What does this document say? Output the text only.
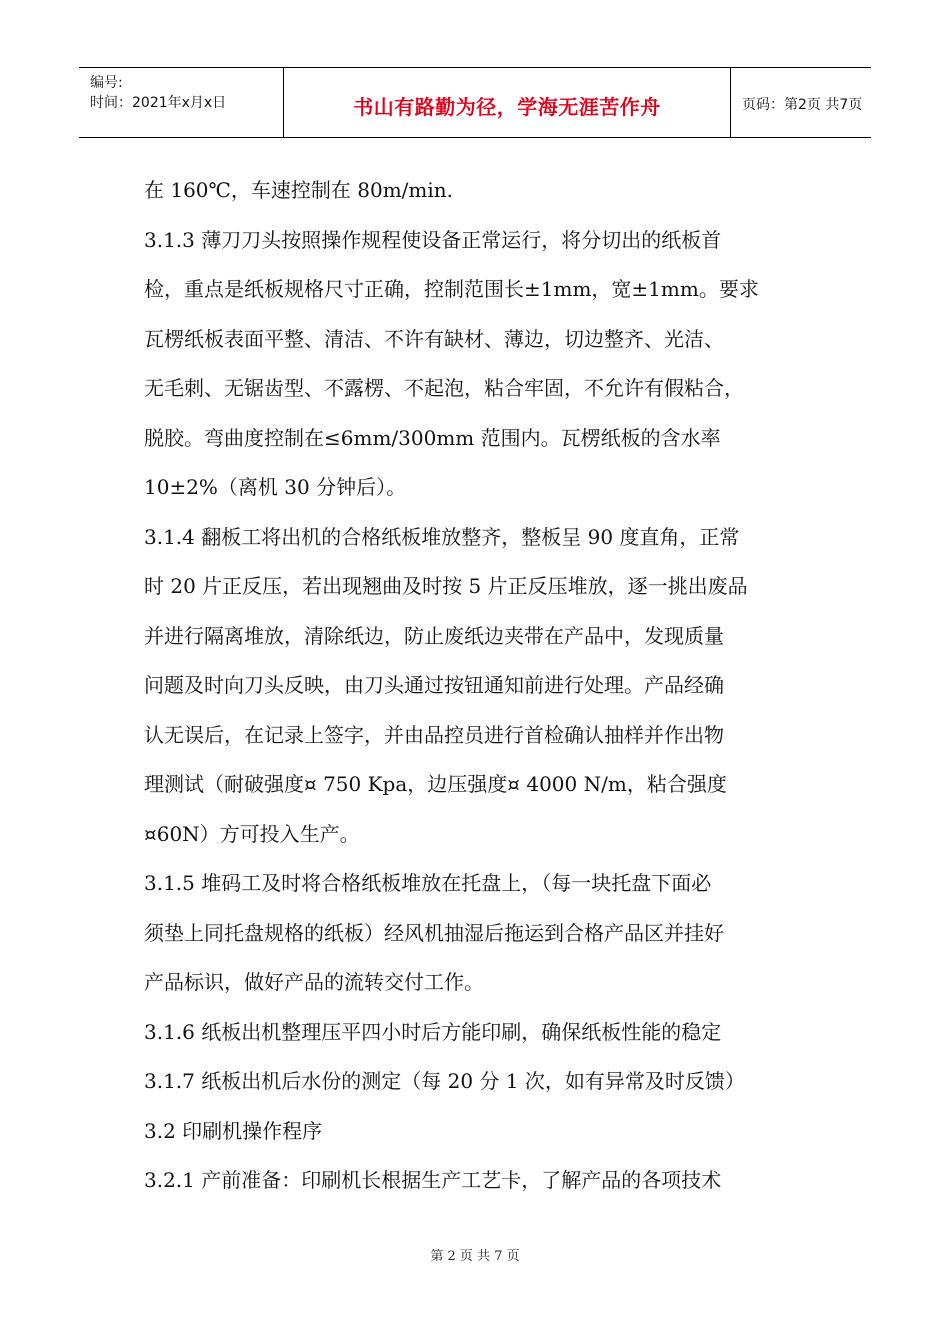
编号:
时间：2021年x月x日	书山有路勤为径，学海无涯苦作舟	页码：第2页 共7页

在 160℃，车速控制在 80m/min.

3.1.3 薄刀刀头按照操作规程使设备正常运行，将分切出的纸板首

检，重点是纸板规格尺寸正确，控制范围长±1mm，宽±1mm。要求

瓦楞纸板表面平整、清洁、不许有缺材、薄边，切边整齐、光洁、

无毛刺、无锯齿型、不露楞、不起泡，粘合牢固，不允许有假粘合，

脱胶。弯曲度控制在≤6mm/300mm 范围内。瓦楞纸板的含水率

10±2%（离机 30 分钟后）。

3.1.4 翻板工将出机的合格纸板堆放整齐，整板呈 90 度直角，正常

时 20 片正反压，若出现翘曲及时按 5 片正反压堆放，逐一挑出废品

并进行隔离堆放，清除纸边，防止废纸边夹带在产品中，发现质量

问题及时向刀头反映，由刀头通过按钮通知前进行处理。产品经确

认无误后，在记录上签字，并由品控员进行首检确认抽样并作出物

理测试（耐破强度¤ 750 Kpa，边压强度¤ 4000 N/m，粘合强度

¤60N）方可投入生产。

3.1.5 堆码工及时将合格纸板堆放在托盘上，（每一块托盘下面必

须垫上同托盘规格的纸板）经风机抽湿后拖运到合格产品区并挂好

产品标识，做好产品的流转交付工作。

3.1.6 纸板出机整理压平四小时后方能印刷，确保纸板性能的稳定

3.1.7 纸板出机后水份的测定（每 20 分 1 次，如有异常及时反馈）

3.2 印刷机操作程序

3.2.1 产前准备：印刷机长根据生产工艺卡，了解产品的各项技术

第 2 页 共 7 页
